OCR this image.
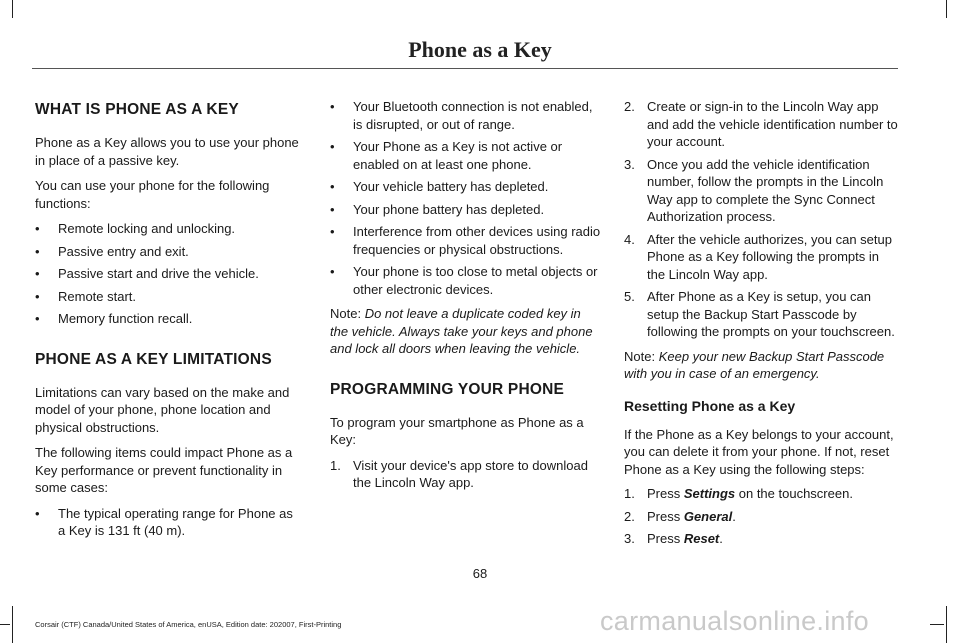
Phone as a Key
WHAT IS PHONE AS A KEY

Phone as a Key allows you to use your phone in place of a passive key.

You can use your phone for the following functions:

•	Remote locking and unlocking.
•	Passive entry and exit.
•	Passive start and drive the vehicle.
•	Remote start.
•	Memory function recall.
PHONE AS A KEY LIMITATIONS

Limitations can vary based on the make and model of your phone, phone location and physical obstructions.

The following items could impact Phone as a Key performance or prevent functionality in some cases:

•	The typical operating range for Phone as a Key is 131 ft (40 m).
•	Your Bluetooth connection is not enabled, is disrupted, or out of range.
•	Your Phone as a Key is not active or enabled on at least one phone.
•	Your vehicle battery has depleted.
•	Your phone battery has depleted.
•	Interference from other devices using radio frequencies or physical obstructions.
•	Your phone is too close to metal objects or other electronic devices.

Note: Do not leave a duplicate coded key in the vehicle. Always take your keys and phone and lock all doors when leaving the vehicle.

PROGRAMMING YOUR PHONE

To program your smartphone as Phone as a Key:

1. Visit your device's app store to download the Lincoln Way app.
2. Create or sign-in to the Lincoln Way app and add the vehicle identification number to your account.
3. Once you add the vehicle identification number, follow the prompts in the Lincoln Way app to complete the Sync Connect Authorization process.
4. After the vehicle authorizes, you can setup Phone as a Key following the prompts in the Lincoln Way app.
5. After Phone as a Key is setup, you can setup the Backup Start Passcode by following the prompts on your touchscreen.

Note: Keep your new Backup Start Passcode with you in case of an emergency.

Resetting Phone as a Key

If the Phone as a Key belongs to your account, you can delete it from your phone. If not, reset Phone as a Key using the following steps:

1. Press Settings on the touchscreen.
2. Press General.
3. Press Reset.
68
Corsair (CTF) Canada/United States of America, enUSA, Edition date: 202007, First-Printing	carmanualsonline.info
